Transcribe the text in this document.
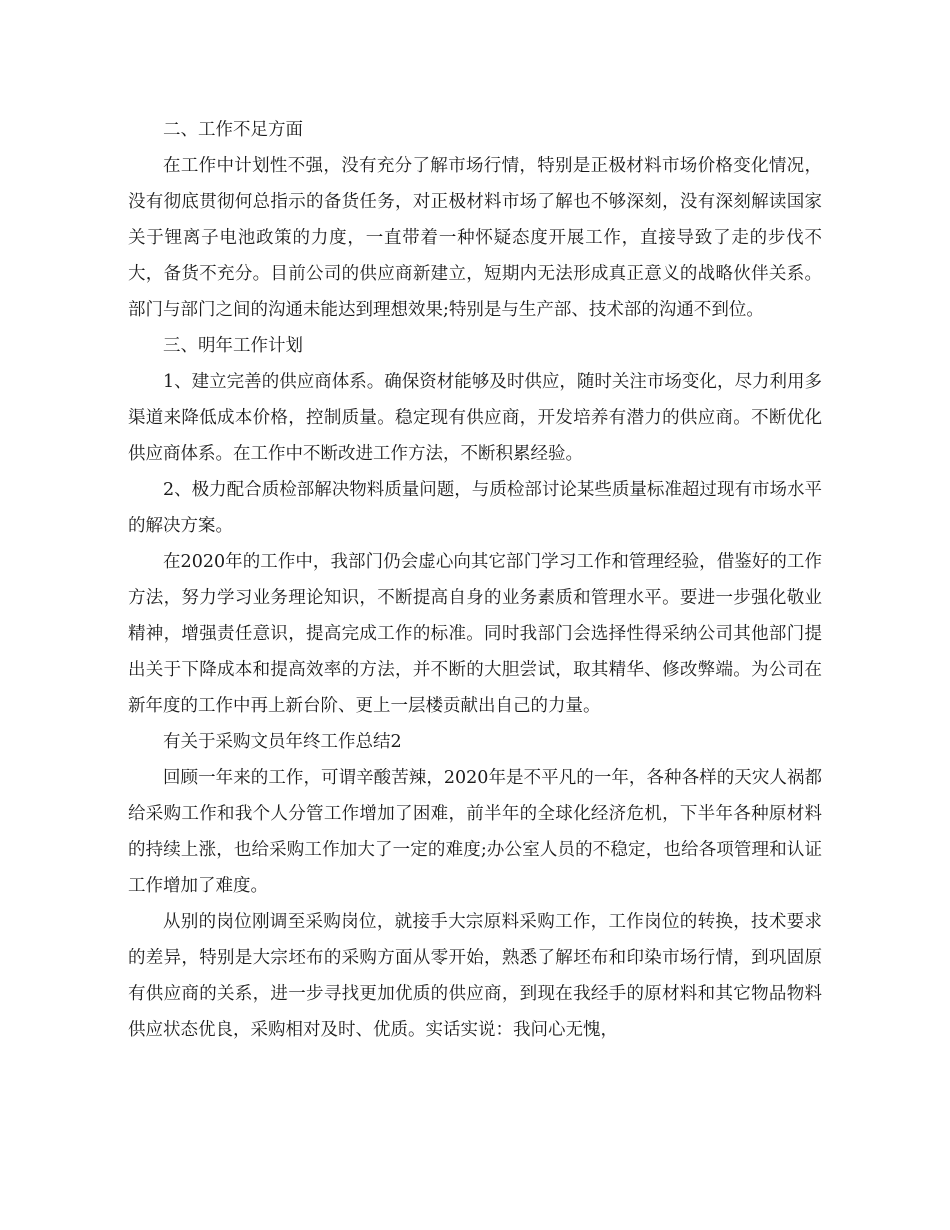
二、工作不足方面

在工作中计划性不强，没有充分了解市场行情，特别是正极材料市场价格变化情况，没有彻底贯彻何总指示的备货任务，对正极材料市场了解也不够深刻，没有深刻解读国家关于锂离子电池政策的力度，一直带着一种怀疑态度开展工作，直接导致了走的步伐不大，备货不充分。目前公司的供应商新建立，短期内无法形成真正意义的战略伙伴关系。部门与部门之间的沟通未能达到理想效果;特别是与生产部、技术部的沟通不到位。

三、明年工作计划

1、建立完善的供应商体系。确保资材能够及时供应，随时关注市场变化，尽力利用多渠道来降低成本价格，控制质量。稳定现有供应商，开发培养有潜力的供应商。不断优化供应商体系。在工作中不断改进工作方法，不断积累经验。

2、极力配合质检部解决物料质量问题，与质检部讨论某些质量标准超过现有市场水平的解决方案。

在2020年的工作中，我部门仍会虚心向其它部门学习工作和管理经验，借鉴好的工作方法，努力学习业务理论知识，不断提高自身的业务素质和管理水平。要进一步强化敬业精神，增强责任意识，提高完成工作的标准。同时我部门会选择性得采纳公司其他部门提出关于下降成本和提高效率的方法，并不断的大胆尝试，取其精华、修改弊端。为公司在新年度的工作中再上新台阶、更上一层楼贡献出自己的力量。

有关于采购文员年终工作总结2

回顾一年来的工作，可谓辛酸苦辣，2020年是不平凡的一年，各种各样的天灾人祸都给采购工作和我个人分管工作增加了困难，前半年的全球化经济危机，下半年各种原材料的持续上涨，也给采购工作加大了一定的难度;办公室人员的不稳定，也给各项管理和认证工作增加了难度。

从别的岗位刚调至采购岗位，就接手大宗原料采购工作，工作岗位的转换，技术要求的差异，特别是大宗坯布的采购方面从零开始，熟悉了解坯布和印染市场行情，到巩固原有供应商的关系，进一步寻找更加优质的供应商，到现在我经手的原材料和其它物品物料供应状态优良，采购相对及时、优质。实话实说：我问心无愧，
